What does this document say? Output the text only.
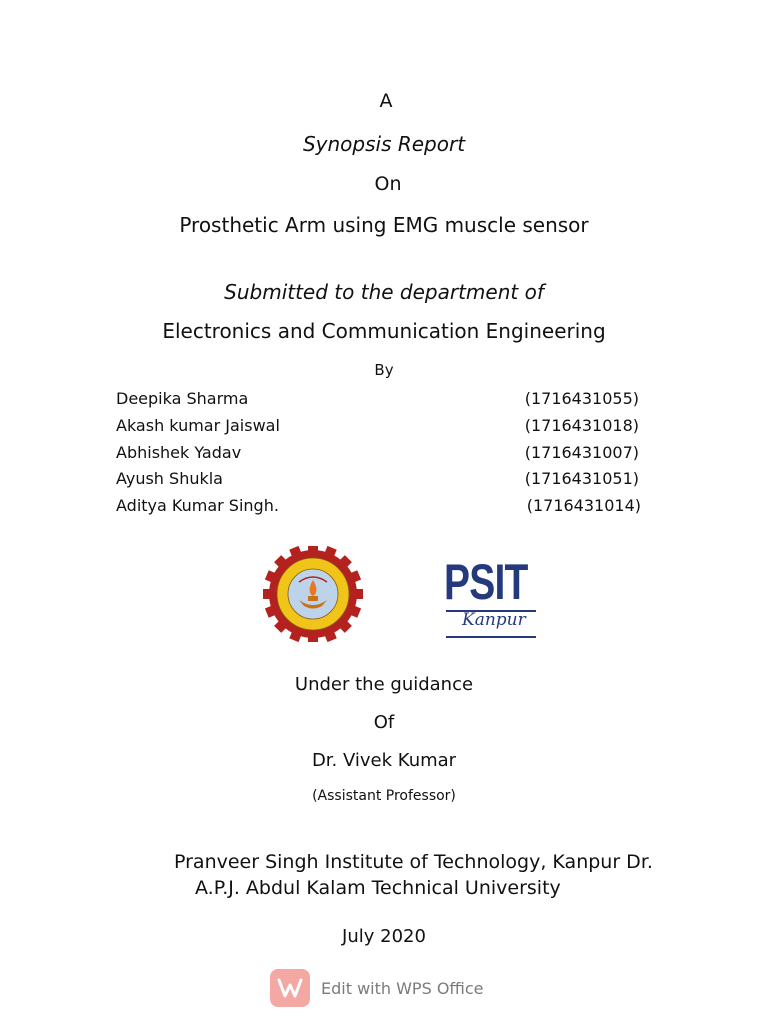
A
Synopsis Report
On
Prosthetic Arm using EMG muscle sensor
Submitted to the department of
Electronics and Communication Engineering
By
Deepika Sharma	(1716431055)
Akash kumar Jaiswal	(1716431018)
Abhishek Yadav	(1716431007)
Ayush Shukla	(1716431051)
Aditya Kumar Singh.	(1716431014)
PSIT
Kanpur
Under the guidance
Of
Dr. Vivek Kumar
(Assistant Professor)
Pranveer Singh Institute of Technology, Kanpur Dr.
A.P.J. Abdul Kalam Technical University
July 2020
Edit with WPS Office
